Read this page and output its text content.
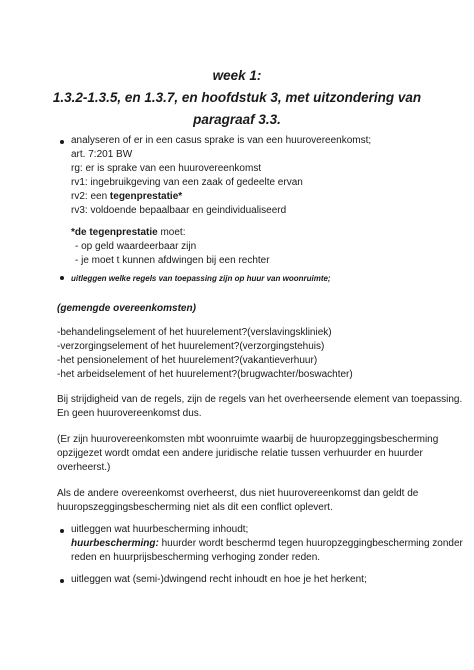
week 1:
1.3.2-1.3.5, en 1.3.7, en hoofdstuk 3, met uitzondering van
paragraaf 3.3.
analyseren of er in een casus sprake is van een huurovereenkomst;
art. 7:201 BW
rg: er is sprake van een huurovereenkomst
rv1: ingebruikgeving van een zaak of gedeelte ervan
rv2: een tegenprestatie*
rv3: voldoende bepaalbaar en geindividualiseerd
*de tegenprestatie moet:
- op geld waardeerbaar zijn
- je moet t kunnen afdwingen bij een rechter
uitleggen welke regels van toepassing zijn op huur van woonruimte;
(gemengde overeenkomsten)
-behandelingselement of het huurelement?(verslavingskliniek)
-verzorgingselement of het huurelement?(verzorgingstehuis)
-het pensionelement of het huurelement?(vakantieverhuur)
-het arbeidselement of het huurelement?(brugwachter/boswachter)
Bij strijdigheid van de regels, zijn de regels van het overheersende element van toepassing.
En geen huurovereenkomst dus.
(Er zijn huurovereenkomsten mbt woonruimte waarbij de huuropzeggingsbescherming
opzijgezet wordt omdat een andere juridische relatie tussen verhuurder en huurder
overheerst.)
Als de andere overeenkomst overheerst, dus niet huurovereenkomst dan geldt de
huuropszeggingsbescherming niet als dit een conflict oplevert.
uitleggen wat huurbescherming inhoudt;
huurbescherming: huurder wordt beschermd tegen huuropzeggingbescherming zonder
reden en huurprijsbescherming verhoging zonder reden.
uitleggen wat (semi-)dwingend recht inhoudt en hoe je het herkent;
